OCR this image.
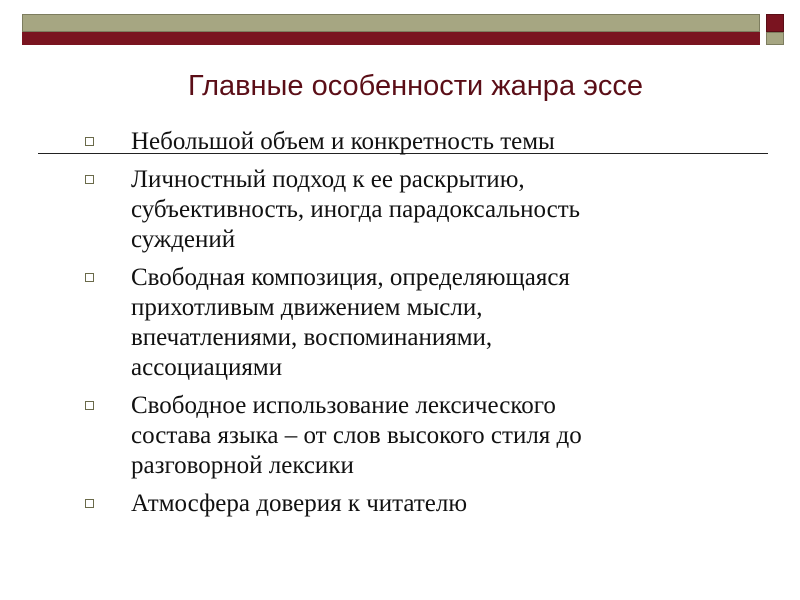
Главные особенности жанра эссе
Небольшой объем и конкретность темы
Личностный подход к ее раскрытию,
субъективность, иногда парадоксальность
суждений
Свободная композиция, определяющаяся
прихотливым движением мысли,
впечатлениями, воспоминаниями,
ассоциациями
Свободное использование лексического
состава языка – от слов высокого стиля до
разговорной лексики
Атмосфера доверия к читателю
